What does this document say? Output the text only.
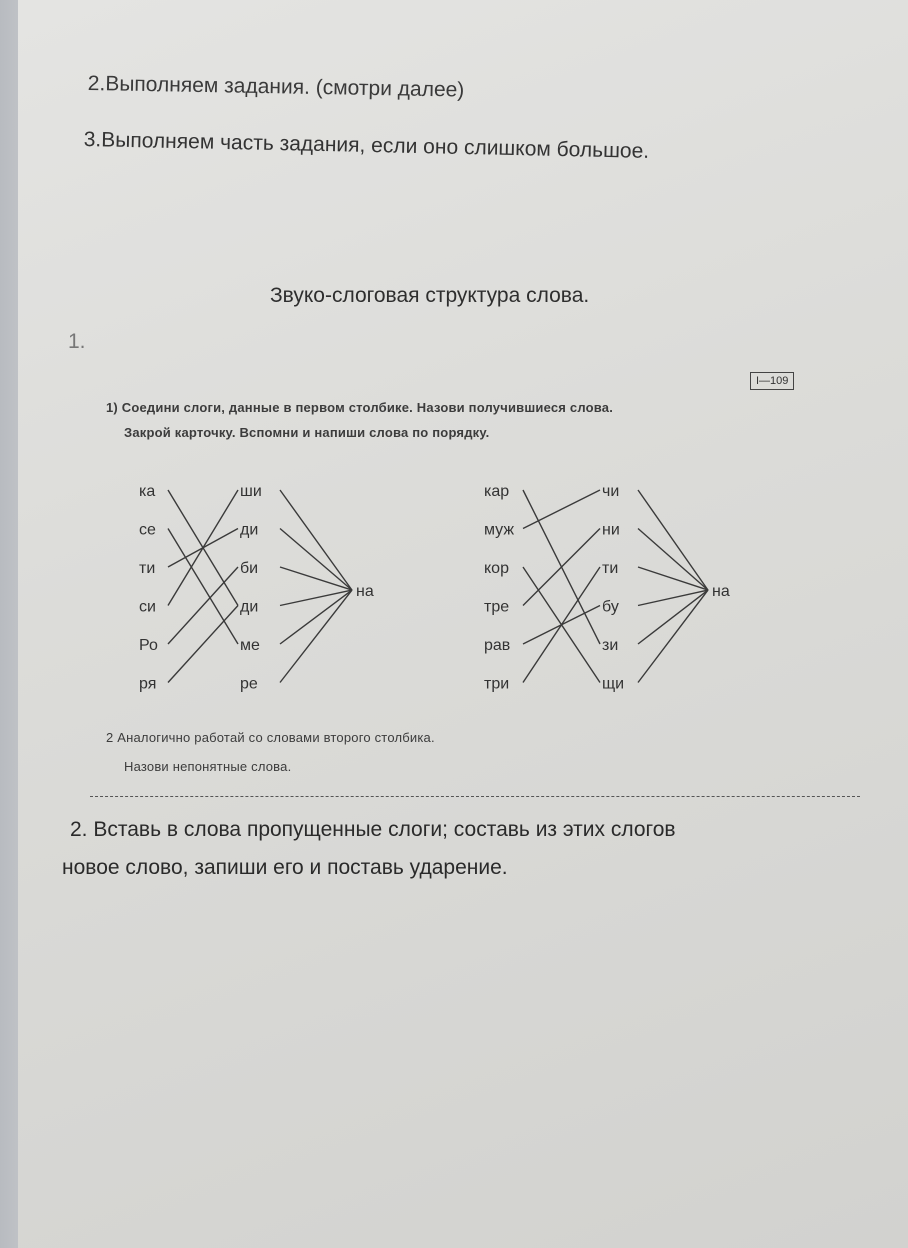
2.Выполняем задания. (смотри далее)
3.Выполняем часть задания, если оно слишком большое.
Звуко-слоговая структура слова.
1.
I—109
1) Соедини слоги, данные в первом столбике. Назови получившиеся слова.
Закрой карточку. Вспомни и напиши слова по порядку.
ка
се
ти
си
Ро
ря
ши
ди
би
ди
ме
ре
на
кар
муж
кор
тре
рав
три
чи
ни
ти
бу
зи
щи
на
2 Аналогично работай со словами второго столбика.
Назови непонятные слова.
2. Вставь в слова пропущенные слоги; составь из этих слогов
новое слово, запиши его и поставь ударение.
